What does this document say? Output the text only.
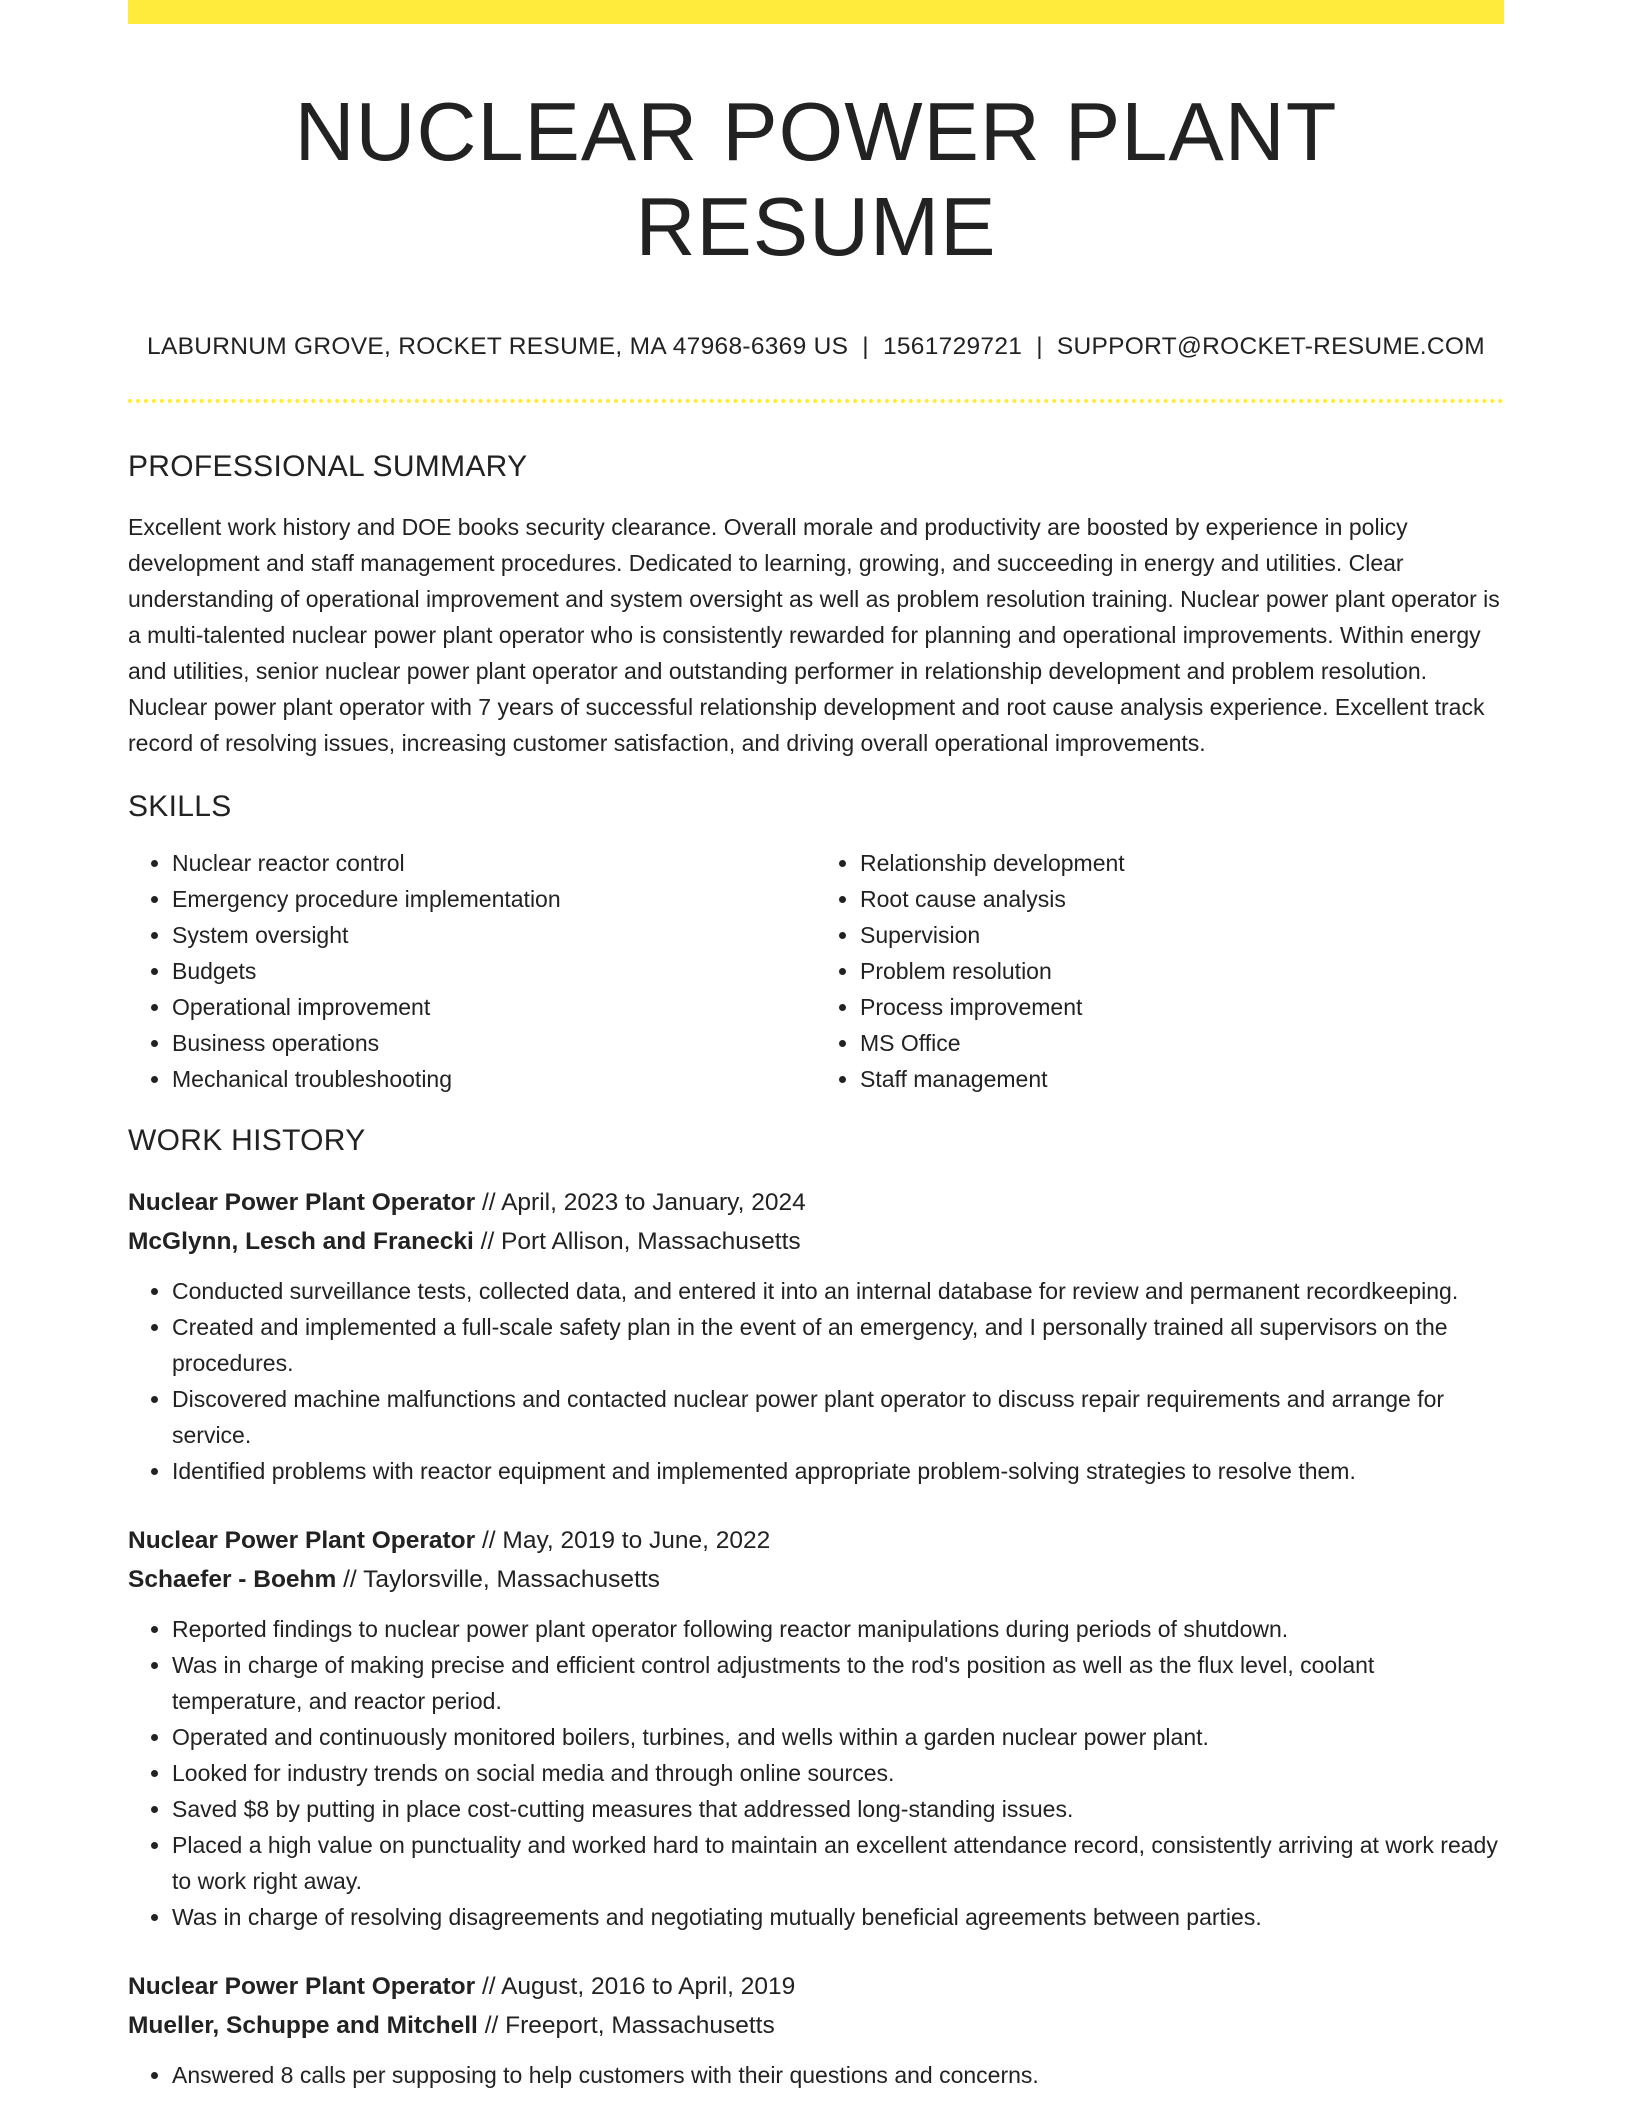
NUCLEAR POWER PLANT RESUME
LABURNUM GROVE, ROCKET RESUME, MA 47968-6369 US | 1561729721 | SUPPORT@ROCKET-RESUME.COM
PROFESSIONAL SUMMARY

Excellent work history and DOE books security clearance. Overall morale and productivity are boosted by experience in policy development and staff management procedures. Dedicated to learning, growing, and succeeding in energy and utilities. Clear understanding of operational improvement and system oversight as well as problem resolution training. Nuclear power plant operator is a multi-talented nuclear power plant operator who is consistently rewarded for planning and operational improvements. Within energy and utilities, senior nuclear power plant operator and outstanding performer in relationship development and problem resolution. Nuclear power plant operator with 7 years of successful relationship development and root cause analysis experience. Excellent track record of resolving issues, increasing customer satisfaction, and driving overall operational improvements.

SKILLS
• Nuclear reactor control
• Emergency procedure implementation
• System oversight
• Budgets
• Operational improvement
• Business operations
• Mechanical troubleshooting
• Relationship development
• Root cause analysis
• Supervision
• Problem resolution
• Process improvement
• MS Office
• Staff management
WORK HISTORY
Nuclear Power Plant Operator // April, 2023 to January, 2024
McGlynn, Lesch and Franecki // Port Allison, Massachusetts
• Conducted surveillance tests, collected data, and entered it into an internal database for review and permanent recordkeeping.
• Created and implemented a full-scale safety plan in the event of an emergency, and I personally trained all supervisors on the procedures.
• Discovered machine malfunctions and contacted nuclear power plant operator to discuss repair requirements and arrange for service.
• Identified problems with reactor equipment and implemented appropriate problem-solving strategies to resolve them.
Nuclear Power Plant Operator // May, 2019 to June, 2022
Schaefer - Boehm // Taylorsville, Massachusetts
• Reported findings to nuclear power plant operator following reactor manipulations during periods of shutdown.
• Was in charge of making precise and efficient control adjustments to the rod's position as well as the flux level, coolant temperature, and reactor period.
• Operated and continuously monitored boilers, turbines, and wells within a garden nuclear power plant.
• Looked for industry trends on social media and through online sources.
• Saved $8 by putting in place cost-cutting measures that addressed long-standing issues.
• Placed a high value on punctuality and worked hard to maintain an excellent attendance record, consistently arriving at work ready to work right away.
• Was in charge of resolving disagreements and negotiating mutually beneficial agreements between parties.
Nuclear Power Plant Operator // August, 2016 to April, 2019
Mueller, Schuppe and Mitchell // Freeport, Massachusetts
• Answered 8 calls per supposing to help customers with their questions and concerns.
